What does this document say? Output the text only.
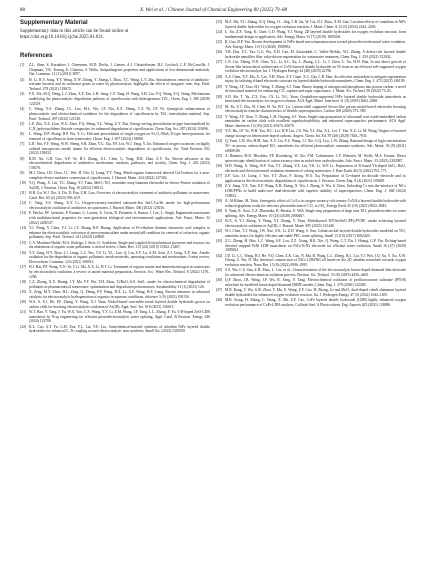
88	X. Wei et al. / Chinese Journal of Chemical Engineering 80 (2025) 79–88
Supplementary Material

Supplementary data to this article can be found online at https://doi.org/10.1016/j.cjche.2025.01.031.

References
[1]	Z.L. Shen, S. Kurtatkov, I. Cheesman, M.D. Dechy, J. Genzer, A.J. Christoffersen, B.J. Cowhoff, C.P. McConville, J. Chapman, V.K. Truong, E. Chaoura, S. Walia, Antipathogenic properties and applications of low-dimensional materials, Nat. Commun. 12 (1) (2021) 3897.
[2]	H. Li, R.Y. Song, Y.Y. Wang, X.W. Zhong, Y. Zhang, J. Zhou, T.C. Wang, L.Y. Zhu, Simultaneous removal of antibiotic-resistant bacteria and its resistance genes in water by photocatalysis: highlights the effects of inorganic ions, Sep. Purif. Technol. 278 (2021) 119672.
[3]	F.X. Xie, M.Q. Deng, L.J. Zhou, X.F. Tan, L.H. Jiang, C.F. Tang, H. Wang, S.H. Liu, Y.Q. Wang, Z.Q. Wang, Mechanisms underlying the photocatalytic degradation pathway of ciprofloxacin with heterogeneous TiO₂, Chem. Eng. J. 380 (2020) 122529.
[4]	C. Wang, Y.A. Zhang, J.L. Luo, M.L. Wu, J.F. Niu, E.X. Sheng, C.S. Ni, J.P. Ni, Synergistic enhancement of photocatalytic and electrochemical oxidation for the degradation of ciprofloxacin by TiO₂ intercalation material, Sep. Purif. Technol. 297 (2022) 121528.
[5]	L.F. Zhu, X.Z. Lian, W.X. Zhao, F.Q. Meng, Y.L. Wang, Z.Y. Zhu, Energy-saving peroxidation in-pipe functionalized by C₃N₄/polyvinylidene fluoride composites for enhanced degradation of ciprofloxacin, Chem. Eng. Sci. 287 (2024) 119696.
[6]	L. Wang, D.P. Zhang, H.P. Wu, Y. Li, Efficient peroxidation of single oxygen on Fe₂O₃/MoS₂/Z-type heterojunctions for removal of ciprofloxacin from wastewater, Chem. Eng. J. 497 (2024) 154900.
[7]	L.R. Fan, F.F. Wang, W.W. Sheng, S.R. Zhan, Y.G. Xia, F.F. Liu, W.J. Yang, Y. Jin, Enhanced oxygen vacancies on highly ordered mesoporous anodic titania for efficient electrocatalytic degradation of ciprofloxacin, Sci. Total Environ. 852 (2022) 158432.
[8]	R.M. Xu, G.R. Gao, A.P. Ye, H.J. Zhang, X.L. Chen, G. Yang, D.R. Zhao, Z.Y. Xu, Recent advances in the electrochemical degradation of antibiotics: mechanism, catalysts, pathways, and toxicity, Chem. Eng. J. 452 (2023) 139270.
[9]	M.J. Chen, J.H. Chen, J.C. Wei, H. Niu, Q. Liang, Y.Y. Yang, Metal-organic framework derived CoO/carbon for a near-complete electro-oxidative conversion of ciprofloxacin, J. Hazard. Mater. 424 (2022) 127302.
[10] Y.Q. Wang, X. Lin, T.C. Zhang, Y.J. Yuan, MnO₂/TiO₂ nanotube array/titanium electrodes in electro-Fenton oxidation of As(III), J. Environ. Chem. Eng. 10 (2022) 108213.
[11] H.B. Gu, W.J. Xie, A. Du, D. Pan, Z.H. Guo, Overview of electrocatalytic treatment of antibiotic pollutants in wastewater, Catal. Rev. 65 (2) (2023) 509–619.
[12] C. Yang, S.S. Shang, X.Y. Li, Oxygen-vacancy-enriched substrate-less SnO₂/La-Sb anode for high-performance electrocatalytic oxidation of antibiotics in wastewater, J. Hazard. Mater. 436 (2022) 129216.
[13] F. Fetcko, P.F. Jaenicke, P. Kumari, G. Lorenz, A. Costa, D. Partanen, S. Kumar, J. Lee, L. Singh, Engineered nanozymes with multifunctional properties for next-generation biological and environmental applications, Adv. Funct. Mater. 32 (2022) 2206547.
[14] Y.J. Wang, Y. Chen, Y.J. Li, J.Y. Zhang, R.F. Huang, Application of Fe-ethylene diamine tetraacetic acid complex to enhance the electrocatalytic activation of peroxymonosulfate under neutral pH condition for removal of refractory organic pollutants, Sep. Purif. Technol. 341 (2024) 126868.
[15] C.A. Martínez-Huitle, M.A. Rodrigo, I. Sirés, O. Scialdone, Single and coupled electrochemical processes and reactors for the abatement of organic water pollutants: a critical review, Chem. Rev. 115 (24) (2015) 13362–13407.
[16] Y.Y. Jiang, H.Y. Zhao, J.J. Liang, L.C. Yue, T.S. Li, Y.L. Luo, Q. Liu, S.Y. Lu, A.M. Asiri, Z.J. Gong, X.P. Sun, Anodic oxidation for the degradation of organic pollutants: anode materials, operating conditions and mechanisms. A mini review, Electrochem. Commun. 123 (2021) 106912.
[17] H.J. Bai, P.F. Wang, X.N. Ye, C.G. Ma, X.X. Li, H.T. Li, Treatment of organic matter and ammonia nitrogen in wastewater by electrocatalytic oxidation: a review of anode material preparation, Environ. Sci.: Water Res. Technol. 8 (2022) 1270–1296.
[18] C.Z. Zhang, X.X. Huang, J.Y. Ma, F.F. Wu, T.H. Zhou, Ti/RuO₂-IrO₂-SnO₂ anode for electrochemical degradation of pollutants in pharmaceutical wastewater: optimization and degradation performances, Sustainability 13 (1) (2021) 126.
[19] X. Zeng, M.Y. Zhou, H.L. Zeng, Q. Zheng, P.F. Wang, H.X. Li, X.F. Wang, H.F. Liang, Recent advances in advanced catalysts for electrocatalytic hydrogenation of organics in aqueous conditions, eScience 3 (5) (2023) 100156.
[20] W.S. Ji, X.J. He, F.F. Zhang, Y. Wang, X.J. Yuan, Nickel-based non-noble metal layered double hydroxide grown on carbon cloth for boosting electrocatalytic oxidation of As(III), Appl. Surf. Sci. 618 (2023) 156613.
[21] W.T. Bao, Y. Tang, J. Yu, W.X. Yan, C.X. Wang, Y.Y. Li, Z.M. Wang, J.F. Yang, L.L. Zhang, F. Yu, 3-D-doped ZnO-LDH nanosheets by N-sp engineering for efficient photoelectrocatalytic water splitting, Appl. Catal. B Environ. Energy 346 (2024) 123706.
[22] K.L. Cao, S.Y. Fu, G.H. Xue, F.L. Lai, Y.E. Liu, Sonochemical-assisted synthesis of ultrathin NiFe layered double hydroxides for enhanced C–N coupling toward electrocatalytic urea synthesis, Small Sci. (2023) 2300150.
[23] M.Z. Ma, Y.C. Zhang, X.Q. Deng, J.L. Jing, L.B. Jin, W. Liu, D.J. Zhou, X.M. Sun, Location effects of vanadium in NiFe layered double hydroxides for oxygen evolution reaction, J. Mater. Chem. A 12 (5) (2024) 2244–2249.
[24] L. Jin, Z.X. Yang, K. Chen, C.D. Wang, Y.J. Wang, 2D layered double hydroxides for oxygen evolution reaction: from fundamental design to application, Adv. Energy Mater. 9 (17) (2019) 1803358.
[25] R. Gao, D.P. Yan, Recent development of NiFe-based micro/nanostructures toward photo/electrochemical water oxidation, Adv. Energy Mater. 10 (11) (2020) 1900954.
[26] Y.B. Dou, Y.C. Yao, G.G. Wu, X.H. Gao, M. Zafarabadi, C. Vallés-Nieblas, W.J. Zhang, A defect-rich layered double hydroxide nanofiber film: solar-driven regeneration for wastewater treatment, Chem. Eng. J. 450 (2022) 132842.
[27] L.N. Lin, Zheng, N.N. Chen, X.L. Li, S.C. Xu, L. Zhang, C.L. Li, J. Chen, L. Xu, W.H. Hua, In situ direct growth of flower-like hierarchical architecture of CoNi-layered double hydroxide on Ni foam as an efficient self-supported oxygen evolution electrocatalyst, Int. J. Hydrogen Energy 44 (48) (2019) 22796.
[28] X.S. Chen, X.T. Ma, X. Cao, Y.H. Zhou, S.Y. Guan, X.C. Qin, L.B. Han, An effective antioxidant to mitigate regeneration injury by tailoring d-band electronic structure on layered double hydroxide nanosheets, Chem. Eng. J. 475 (2023) 146199.
[29] Y. Wang, J.F. Xiao, H.J. Wang, T. Zhang, S.J. Yuan, Binary doping of nitrogen and phosphorus into porous carbon: a novel di-functional material for enhancing CO₂ capture and super capacitance, J. Mater. Sci. Technol. 99 (2022) 73–81.
[30] S.D. Shi, T. Yu, Z.X. Fan, J.X. Li, N.L. Yuan, Graphdiyne-supported NiFe layered double hydroxide nanosheets as functional electrocatalysts for oxygen evolution, ACS Appl. Mater. Interfaces 11 (3) (2019) 2662–2669.
[31] M. Fu, Z.T. Zhu, W. Chen, H. Yu, B.T. Lu, Carbon-shell supported flower-like porous nickel-based electrodes boosting electrocatalytic transfer characteristics of flexible supercapacitors, Carbon 168 (2020) 573–580.
[32] Y. Wang, J.F. Xiao, T. Zhang, L.H. Ouyang, S.J. Yuan, Single-step preparation of ultrasmall iron oxide-embedded carbon nanotubes on carbon cloth with excellent superhydrophilicity and enhanced supercapacitor performance, ACS Appl. Mater. Interfaces 13 (30) (2021) 45670–45678.
[33] Y.X. Hu, J.F. Ye, W.H. Yao, H.C. Lei, W.P. Liu, J.A. Wu, Y.J. Zhu, X.L. Lei, T. Yue, X.Z. Li, M. Wang, Origins of boosted charge storage on heteroatom-doped carbons, Angew. Chem. Int. Ed. 59 (20) (2020) 7826–7833.
[34] Q. Yuan, C.B. Wu, H.M. Jiao, X.Y. Liu, Y.Z. Wang, J.J. Xie, G.Q. Lyu, L.W. Zhang, Rational design of high-concentration Ti³⁺ in porous carbon-doped TiO₂ nanosheets for efficient photocatalytic ammonia synthesis, Adv. Mater. 33 (9) (2021) e2008180.
[35] A. Rimmer, M.N. Hlwatika, P.F. Rozenberg, W. Xie, F.M. Colmenarez, C.F. Ebbesen, M. Wolfe, M.A. Kasner, Direct spectroscopic identification of cation vacancy sites in nickel-iron oxyhydroxides, Adv. Funct. Mater. 33 (2023) 2302987.
[36] W.D. Wang, X. Wang, W.F. Yan, T.T. Zhang, Y.Z. Liu, Y.K. Li, W.P. Li, Preparation of Ti-based Yb-doped SnO₂–RuO₂ electrode and electrochemical oxidation treatment of coking wastewater, J. Rare Earth 40 (3) (2022) 763–771.
[37] Z.F. Gao, J.J. Liang, J. Yao, Y.T. Zhao, P. Xiong, W.X. Xu, Preparation of Ce-doped tin dioxide electrode and its application in the electrocatalytic degradation of ciprofloxacin, J. Environ. Chem. Eng. 9 (4) (2021) 105608.
[38] Z.Y. Jiang, Y.X. Yan, X.F. Wang, X.B. Zhang, X. Wu, J. Zheng, S. Wu, S. Chen, Unlocking Cr into the interface of NiCr LDH/PPNs to build multi-core dual-electrode with superior stability of supercapacitors, Chem. Eng. J. 468 (2024) 150832.
[39] A. Al-Rihan, M. Tahir, Synergistic effect of Co/La in oxygen vacancy rich ternary CoNiLa layered double hydroxide with reduced graphene oxide for selective photoreduction of CO₂ to CH₄, Energy Fuels 35 (10) (2021) 8922–8943.
[40] S. Yuan, R. Asiri, G.Z. Dharmika, B. Beraitz, E. Will, Single-step preparation of large area TiO₂ photoelectrodes for water splitting, Adv. Energy Mater. 10 (23) (2020) 2000467.
[41] W.X. Ji, Y.J. Zheng, Y. Wang, Y.J. Zhang, Y. Yuan, Multilayered TiN/Sn/SnO₂/PPy/PVDF₂ anode achieving boosted electrocatalytic oxidation of As(III), J. Hazard. Mater. 495 (2023) 125448.
[42] W.J. Chen, T.T. Wang, J.W. Xue, S.K. Li, Z.D. Wang, S. Sun, Cobalt–nickel layered double hydroxides modified on TiO₂ nanotube arrays for highly efficient and stable PEC water splitting, Small 13 (10) (2017) 1602420.
[43] Z.G. Zheng, H. Hao, L.C. Wang, S.F. Lou, Z.Z. Xiang, B.K. Xie, Q. Wang, C.T. Du, J. Huang, G.P. Yin, Etching-based directed stripped FeNi LDH nanosheets on NiCoTe/N2 electrode for efficient water oxidation, Small 16 (47) (2020) 2005064.
[44] J.D. Li, L.L. Wang, H.J. He, Y.Q. Chen, Z.K. Gao, N. Ma, B. Wang, L.L. Zheng, R.L. Liu, Y.J. Wei, J.Q. Xu, Y. Xu, X.W. Cheng, Z. Yin, D. Ma, Interface construction of NiCo LDH/NiCoS based on the 2D ultrathin nanosheet towards oxygen evolution reaction, Nano Res. 15 (8) (2022) 4986–4995.
[45] S.Z. Wu, C.S. Sun, Z.H. Zhao, L. Liu, et al., Characterization of the electrocatalytic boron-doped diamond film electrode for advanced electrochemical oxidation process, Environ. Sci. Technol. 55 (8) (2019) 4456–4465.
[46] Q.F. Zhou, J.B. Wang, J.F. Wu, R. Yang, Y. Tang, Electrochemical oxidation of perfluorooctane sulfonate (PFOS) substitute by modified boron doped diamond (BDD) anodes, Chem. Eng. J. 379 (2020) 122280.
[47] M.R. Rong, Y. Wu, S.W. Zhou, Y. Ma, X. Wang, Z.F. Cao, H. Zhong, Ce and MoO₃ dual-doped cobalt aluminum layered double hydroxides for enhanced oxygen evolution reaction, Int. J. Hydrogen Energy 47 (3) (2022) 1644–1655.
[48] M.K. Kong, H. Zhang, L. Wang, X. Ma, Z.F. Cao, CoFe layered double hydroxide (LDH) highly enhanced oxygen evolution performance of CoFe LDH catalysts, Colloids Surf. A Physicochem. Eng. Aspects 625 (2021) 126896.
